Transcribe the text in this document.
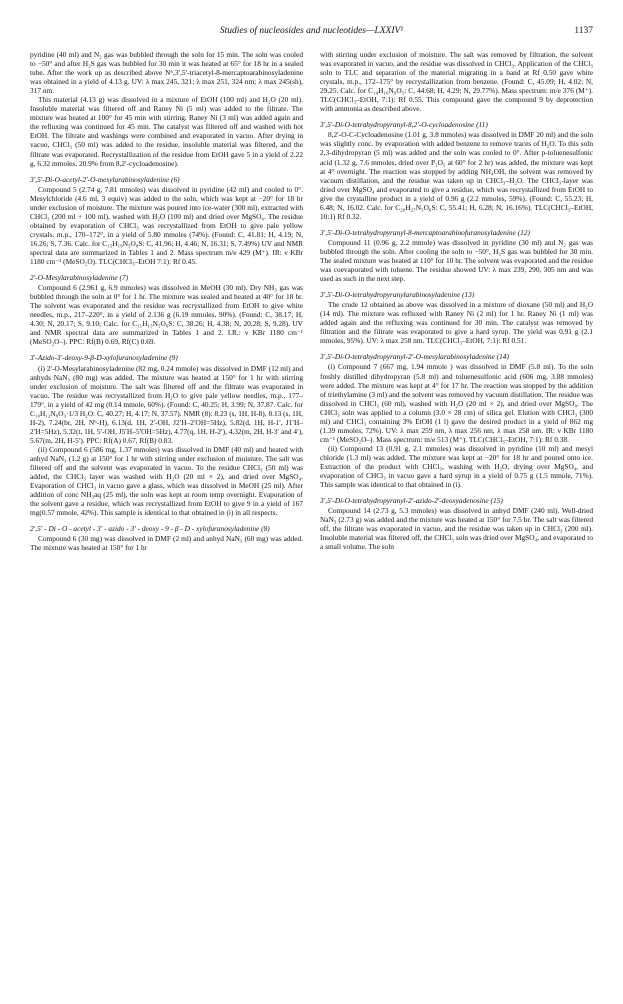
Studies of nucleosides and nucleotides—LXXIV¹	1137

pyridine (40 ml) and N₂ gas was bubbled through the soln for 15 min. The soln was cooled to −50° and after H₂S gas was bubbled for 30 min it was heated at 65° for 18 hr in a sealed tube. After the work up as described above N⁶,3′,5′-triacetyl-8-mercaptoarabinosyladenine was obtained in a yield of 4.13 g. UV: λ max 245, 321; λ max 251, 324 nm; λ max 245(sh), 317 nm.

This material (4.13 g) was dissolved in a mixture of EtOH (100 ml) and H₂O (20 ml). Insoluble material was filtered off and Raney Ni (5 ml) was added to the filtrate. The mixture was heated at 100° for 45 min with stirring. Raney Ni (3 ml) was added again and the refluxing was continued for 45 min. The catalyst was filtered off and washed with hot EtOH. The filtrate and washings were combined and evaporated in vacuo. After drying in vacuo, CHCl₃ (50 ml) was added to the residue, insoluble material was filtered, and the filtrate was evaporated. Recrystallization of the residue from EtOH gave 5 in a yield of 2.22 g, 6.32 mmoles, 20.9% from 8,2′-cycloadenosine).

3′,5′-Di-O-acetyl-2′-O-mesylarabinosyladenine (6)

Compound 5 (2.74 g, 7.81 mmoles) was dissolved in pyridine (42 ml) and cooled to 0°. Mesylchloride (4.6 ml, 3 equiv) was added to the soln, which was kept at −20° for 18 hr under exclusion of moisture. The mixture was poured into ice-water (300 ml), extracted with CHCl₃ (200 ml + 100 ml), washed with H₂O (100 ml) and dried over MgSO₄. The residue obtained by evaporation of CHCl₃ was recrystallized from EtOH to give pale yellow crystals, m.p., 170–172°, in a yield of 5.80 mmoles (74%). (Found: C, 41.81; H, 4.19; N, 16.26; S, 7.36. Calc. for C₁₅H₁₉N₅O₈S: C, 41.96; H, 4.46; N, 16.31; S, 7.49%) UV and NMR spectral data are summarized in Tables 1 and 2. Mass spectrum m/e 429 (M⁺). IR: ν KBr 1180 cm⁻¹ (MeSO₂O). TLC(CHCl₃–EtOH 7:1): Rf 0.45.

2′-O-Mesylarabinosyladenine (7)

Compound 6 (2.961 g, 6.9 mmoles) was dissolved in MeOH (30 ml). Dry NH₃ gas was bubbled through the soln at 0° for 1 hr. The mixture was sealed and heated at 40° for 18 hr. The solvent was evaporated and the residue was recrystallized from EtOH to give white needles, m.p., 217–220°, in a yield of 2.136 g (6.19 mmoles, 90%). (Found: C, 38.17; H, 4.30; N, 20.17; S, 9.10; Calc. for C₁₁H₁₅N₅O₆S: C, 38.26; H, 4.38; N, 20.28; S, 9.28). UV and NMR spectral data are summarized in Tables 1 and 2. I.R.: ν KBr 1180 cm⁻¹ (MeSO₂O–). PPC: Rf(B) 0.69, Rf(C) 0.69.

3′-Azido-3′-deoxy-9-β-D-xylofuranosyladenine (9)

(i) 2′-O-Mesylarabinosyladenine (82 mg, 0.24 mmole) was dissolved in DMF (12 ml) and anhyds NaN₃ (80 mg) was added. The mixture was heated at 150° for 1 hr with stirring under exclusion of moisture. The salt was filtered off and the filtrate was evaporated in vacuo. The residue was recrystallized from H₂O to give pale yellow needles, m.p., 177–179°, in a yield of 42 mg (0.14 mmole, 60%). (Found: C, 40.25; H, 3.99; N, 37.87. Calc. for C₁₀H₁₂N₈O₃·1/3 H₂O: C, 40.27; H, 4.17; N, 37.57). NMR (8): 8.23 (s, 1H, H-8), 8.13 (s, 1H, H-2), 7.24(br, 2H, N⁶-H), 6.13(d, 1H, 2′-OH, J2′H–2′OH=5Hz), 5.82(d, 1H, H-1′, J1′H–2′H=5Hz), 5.32(t, 1H, 5′-OH, J5′H–5′OH=5Hz), 4.77(q, 1H, H-2′), 4.32(m, 2H, H-3′ and 4′), 5.67(m, 2H, H-5′). PPC: Rf(A) 0.67, Rf(B) 0.83.

(ii) Compound 6 (586 mg, 1.37 mmoles) was dissolved in DMF (40 ml) and heated with anhyd NaN₃ (1.2 g) at 150° for 1 hr with stirring under exclusion of moisture. The salt was filtered off and the solvent was evaporated in vacuo. To the residue CHCl₃ (50 ml) was added, the CHCl₃ layer was washed with H₂O (20 ml × 2), and dried over MgSO₄. Evaporation of CHCl₃ in vacuo gave a glass, which was dissolved in MeOH (25 ml). After addition of conc NH₃aq (25 ml), the soln was kept at room temp overnight. Evaporation of the solvent gave a residue, which was recrystallized from EtOH to give 9 in a yield of 167 mg(0.57 mmole, 42%). This sample is identical to that obtained in (i) in all respects.

2′,5′ - Di - O - acetyl - 3′ - azido - 3′ - deoxy - 9 - β - D - xylofuranosyladenine (8)

Compound 6 (30 mg) was dissolved in DMF (2 ml) and anhyd NaN₃ (60 mg) was added. The mixture was heated at 150° for 1 hr

with stirring under exclusion of moisture. The salt was removed by filtration, the solvent was evaporated in vacuo, and the residue was dissolved in CHCl₃. Application of the CHCl₃ soln to TLC and separation of the material migrating in a band at Rf 0.50 gave white crystals, m.p., 172–175° by recrystallization from benzene. (Found: C, 45.09; H, 4.02; N, 29.25. Calc. for C₁₄H₁₆N₈O₅: C, 44.68; H, 4.29; N, 29.77%). Mass spectrum: m/e 376 (M⁺). TLC(CHCl₃–EtOH, 7:1): Rf 0.55. This compound gave the compound 9 by deprotection with ammonia as described above.

3′,5′-Di-O-tetrahydropyranyl-8,2′-O-cycloadenosine (11)

8,2′-O-C-Cycloadenosine (1.01 g, 3.8 mmoles) was dissolved in DMF 20 ml) and the soln was slightly conc. by evaporation with added benzene to remove traces of H₂O. To this soln 2,3-dihydropyran (5 ml) was added and the soln was cooled to 0°. After p-toluenesulfonic acid (1.32 g, 7.6 mmoles, dried over P₂O₅ at 60° for 2 hr) was added, the mixture was kept at 4° overnight. The reaction was stopped by adding NH₄OH, the solvent was removed by vacuum distillation, and the residue was taken up in CHCl₃–H₂O. The CHCl₃-layer was dried over MgSO₄ and evaporated to give a residue, which was recrystallized from EtOH to give the crystalline product in a yield of 0.96 g (2.2 mmoles, 59%). (Found: C, 55.23; H, 6.48; N, 16.02. Calc. for C₂₀H₂₇N₅O₆S: C, 55.41; H, 6.28; N, 16.16%). TLC(CHCl₃–EtOH, 10:1) Rf 0.32.

3′,5′-Di-O-tetrahydropyranyl-8-mercaptoarabinofuranosyladenine (12)

Compound 11 (0.96 g, 2.2 mmole) was dissolved in pyridine (30 ml) and N₂ gas was bubbled through the soln. After cooling the soln to −50°, H₂S gas was bubbled for 30 min. The sealed mixture was heated at 110° for 10 hr. The solvent was evaporated and the residue was coevaporated with toluene. The residue showed UV: λ max 239, 290, 305 nm and was used as such in the next step.

3′,5′-Di-O-tetrahydropyranylarabinosyladenine (13)

The crude 12 obtained as above was dissolved in a mixture of dioxane (50 ml) and H₂O (14 ml). The mixture was refluxed with Raney Ni (2 ml) for 1 hr. Raney Ni (1 ml) was added again and the refluxing was continued for 30 min. The catalyst was removed by filtration and the filtrate was evaporated to give a hard syrup. The yield was 0.91 g (2.1 mmoles, 95%). UV: λ max 258 nm. TLC(CHCl₃–EtOH, 7:1): Rf 0.51.

3′,5′-Di-O-tetrahydropyranyl-2′-O-mesylarabinosyladenine (14)

(i) Compound 7 (667 mg, 1.94 mmole ) was dissolved in DMF (5.8 ml). To the soln freshly distilled dihydropyran (5.8 ml) and toluenesulfonic acid (606 mg, 3.88 mmoles) were added. The mixture was kept at 4° for 17 hr. The reaction was stopped by the addition of triethylamine (3 ml) and the solvent was removed by vacuum distillation. The residue was dissolved in CHCl₃ (60 ml), washed with H₂O (20 ml × 2), and dried over MgSO₄. The CHCl₃ soln was applied to a column (3.0 × 28 cm) of silica gel. Elution with CHCl₃ (300 ml) and CHCl₃ containing 3% EtOH (1 l) gave the desired product in a yield of 862 mg (1.39 mmoles, 72%). UV: λ max 259 nm, λ max 256 nm, λ max 258 nm. IR: ν KBr 1180 cm⁻¹ (MeSO₂O–). Mass spectrum: m/e 513 (M⁺). TLC(CHCl₃–EtOH, 7:1): Rf 0.38.

(ii) Compound 13 (0.91 g, 2.1 mmoles) was dissolved in pyridine (10 ml) and mesyl chloride (1.3 ml) was added. The mixture was kept at −20° for 18 hr and poured onto ice. Extraction of the product with CHCl₃, washing with H₂O, drying over MgSO₄, and evaporation of CHCl₃ in vacuo gave a hard syrup in a yield of 0.75 g (1.5 mmole, 71%). This sample was identical to that obtained in (i).

3′,5′-Di-O-tetrahydropyranyl-2′-azido-2′-deoxyadenosine (15)

Compound 14 (2.73 g, 5.3 mmoles) was dissolved in anhyd DMF (240 ml). Well-dried NaN₃ (2.73 g) was added and the mixture was heated at 150° for 7.5 hr. The salt was filtered off, the filtrate was evaporated in vacuo, and the residue was taken up in CHCl₃ (200 ml). Insoluble material was filtered off, the CHCl₃ soln was dried over MgSO₄, and evaporated to a small volume. The soln
